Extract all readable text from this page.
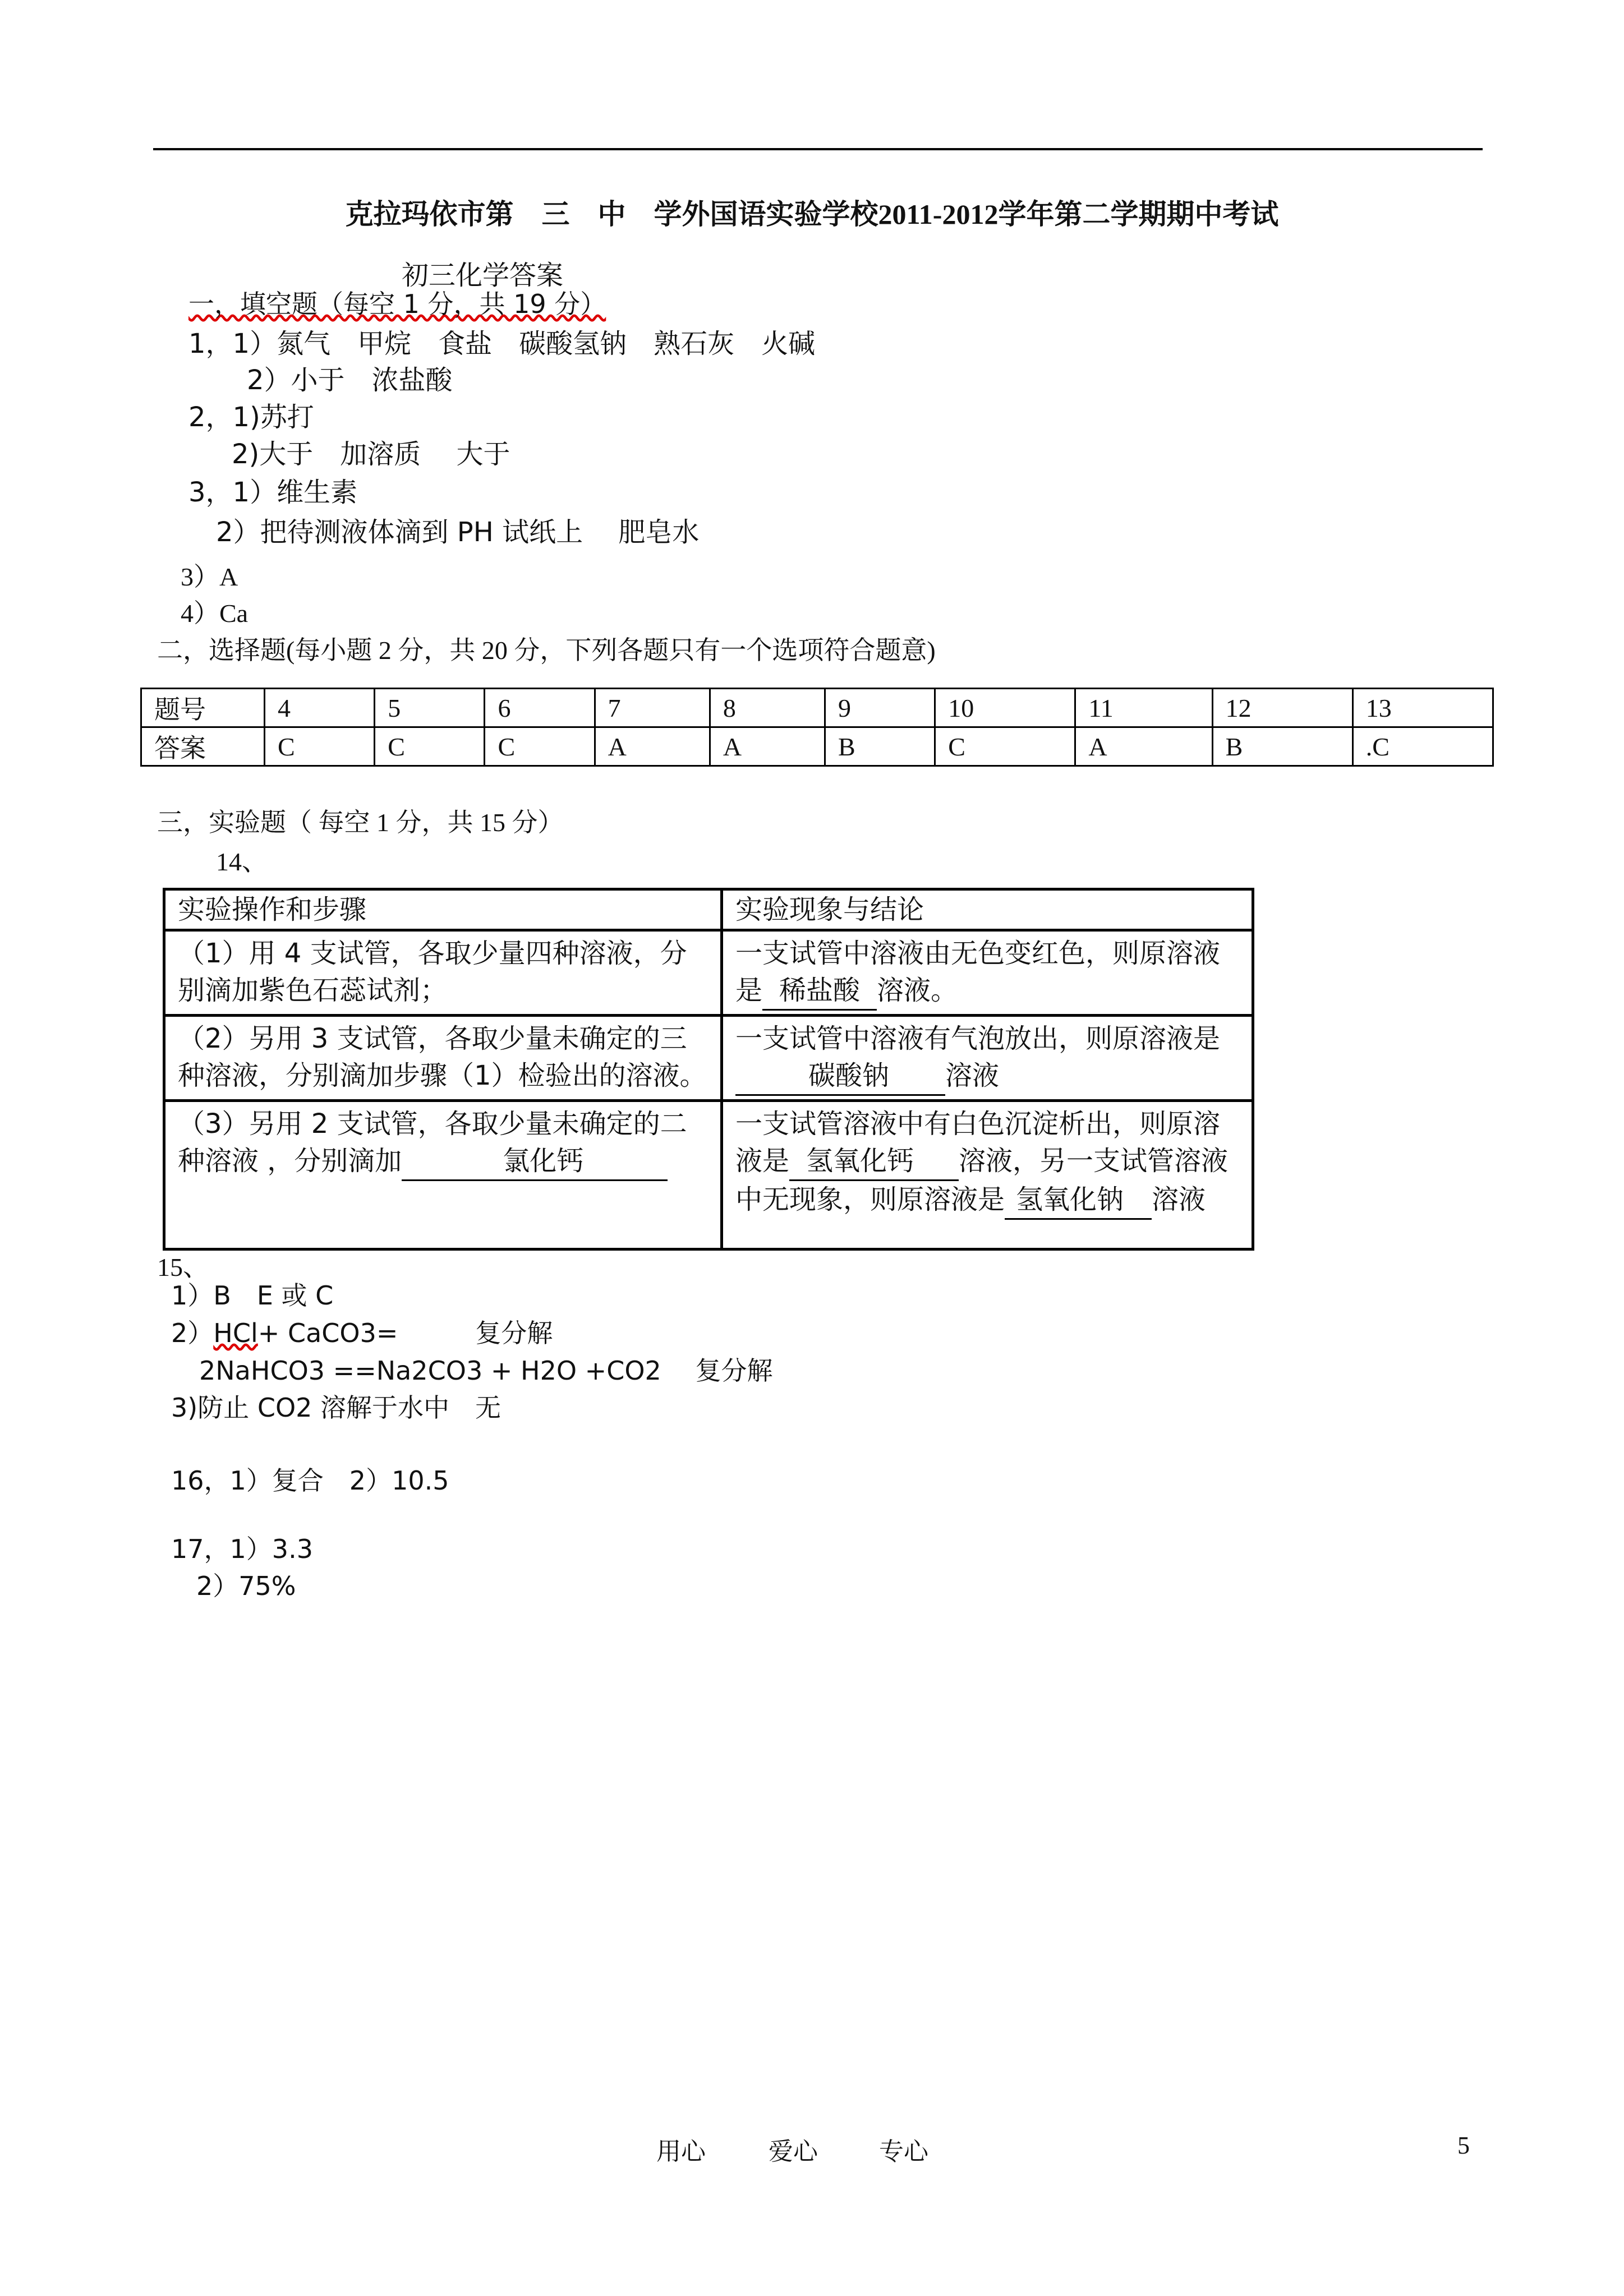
克拉玛依市第　三　中　学外国语实验学校2011-2012学年第二学期期中考试
初三化学答案
一，填空题（每空 1 分，共 19 分）
1，1）氮气　甲烷　食盐　碳酸氢钠　熟石灰　火碱
2）小于　浓盐酸
2，1)苏打
2)大于　加溶质　 大于
3，1）维生素
2）把待测液体滴到 PH 试纸上　 肥皂水
3）A
4）Ca
二，选择题(每小题 2 分，共 20 分，下列各题只有一个选项符合题意)
题号	4	5	6	7	8	9	10	11	12	13
答案	C	C	C	A	A	B	C	A	B	.C
三，实验题（ 每空 1 分，共 15 分）
14、
实验操作和步骤	实验现象与结论
（1）用 4 支试管，各取少量四种溶液，分别滴加紫色石蕊试剂；	一支试管中溶液由无色变红色，则原溶液是 稀盐酸 溶液。
（2）另用 3 支试管，各取少量未确定的三种溶液，分别滴加步骤（1）检验出的溶液。	一支试管中溶液有气泡放出，则原溶液是碳酸钠 溶液
（3）另用 2 支试管，各取少量未确定的二种溶液 ，分别滴加 氯化钙	一支试管溶液中有白色沉淀析出，则原溶液是 氢氧化钙 溶液，另一支试管溶液中无现象，则原溶液是 氢氧化钠 溶液
15、
1）B　E 或 C
2）HCl+ CaCO3=　　　复分解
2NaHCO3 ==Na2CO3 + H2O +CO2　 复分解
3)防止 CO2 溶解于水中　无
16，1）复合　2）10.5
17，1）3.3
2）75%
用心	爱心 专心	5
